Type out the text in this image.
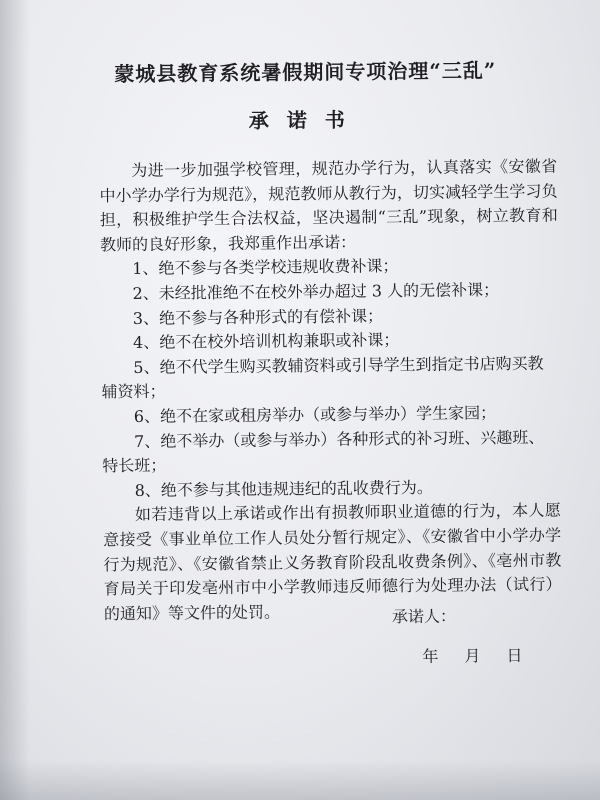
蒙城县教育系统暑假期间专项治理“三乱”
承诺书

为进一步加强学校管理，规范办学行为，认真落实《安徽省中小学办学行为规范》，规范教师从教行为，切实减轻学生学习负担，积极维护学生合法权益，坚决遏制“三乱”现象，树立教育和教师的良好形象，我郑重作出承诺：

1、绝不参与各类学校违规收费补课；

2、未经批准绝不在校外举办超过 3 人的无偿补课；

3、绝不参与各种形式的有偿补课；

4、绝不在校外培训机构兼职或补课；

5、绝不代学生购买教辅资料或引导学生到指定书店购买教辅资料；

6、绝不在家或租房举办（或参与举办）学生家园；

7、绝不举办（或参与举办）各种形式的补习班、兴趣班、特长班；

8、绝不参与其他违规违纪的乱收费行为。

如若违背以上承诺或作出有损教师职业道德的行为，本人愿意接受《事业单位工作人员处分暂行规定》、《安徽省中小学办学行为规范》、《安徽省禁止义务教育阶段乱收费条例》、《亳州市教育局关于印发亳州市中小学教师违反师德行为处理办法（试行）的通知》等文件的处罚。	承诺人：
年 月 日
